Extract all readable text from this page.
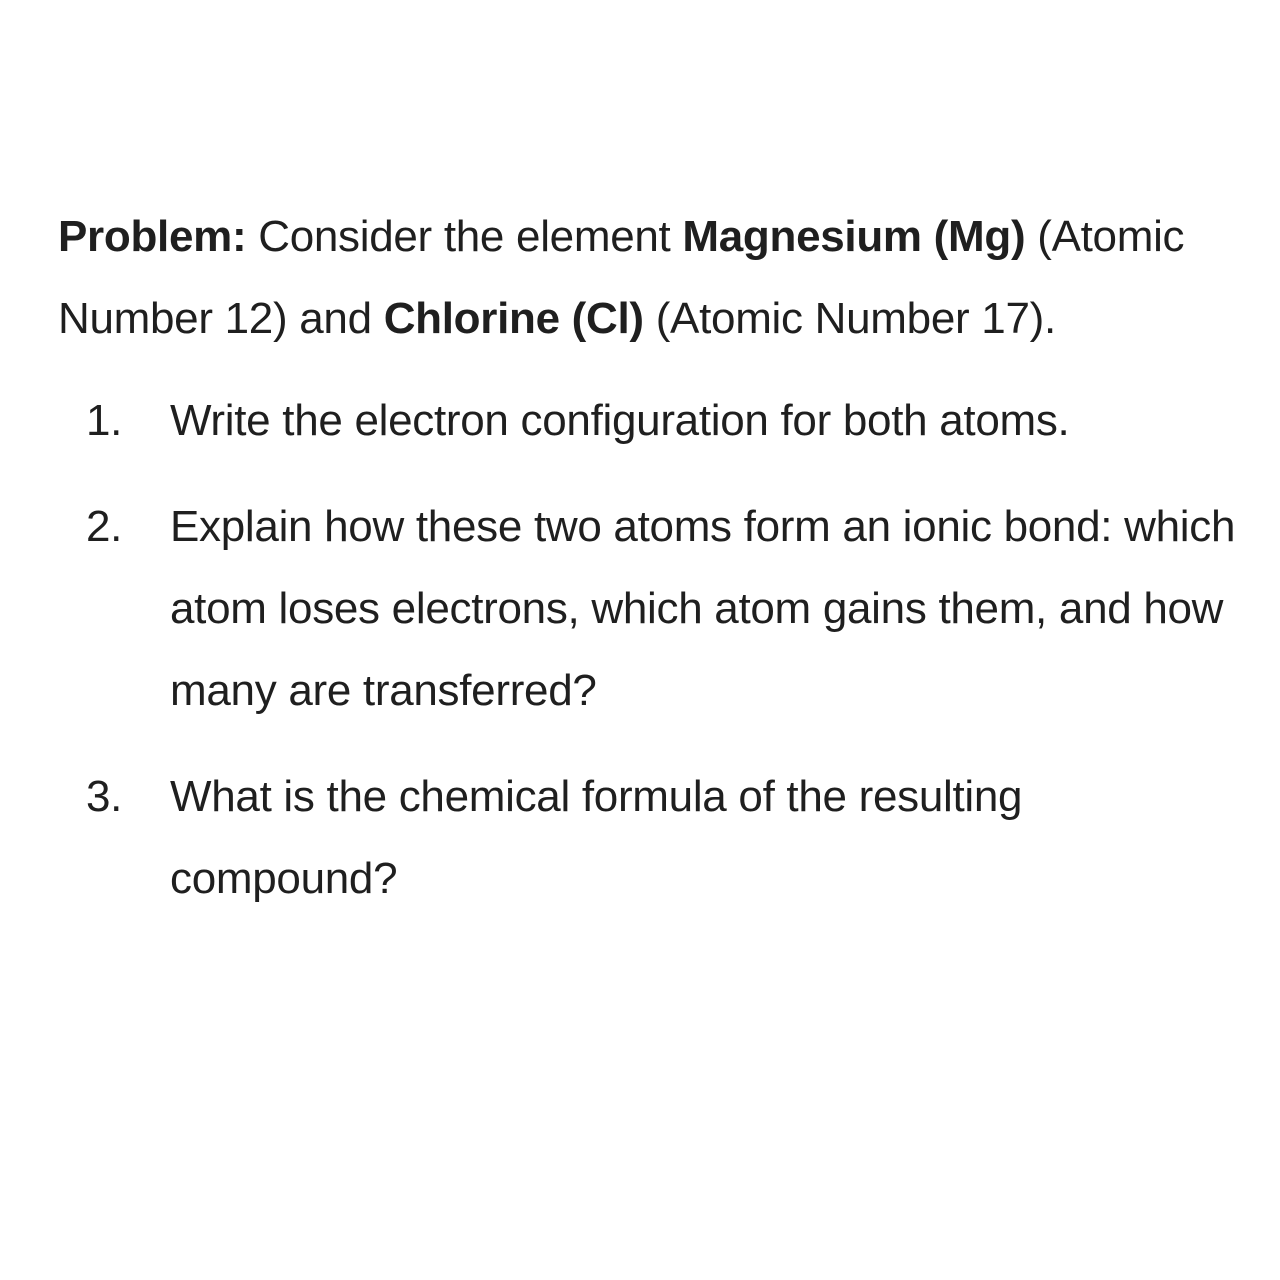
Problem: Consider the element Magnesium (Mg) (Atomic Number 12) and Chlorine (Cl) (Atomic Number 17).

1. Write the electron configuration for both atoms.
2. Explain how these two atoms form an ionic bond: which atom loses electrons, which atom gains them, and how many are transferred?
3. What is the chemical formula of the resulting compound?
